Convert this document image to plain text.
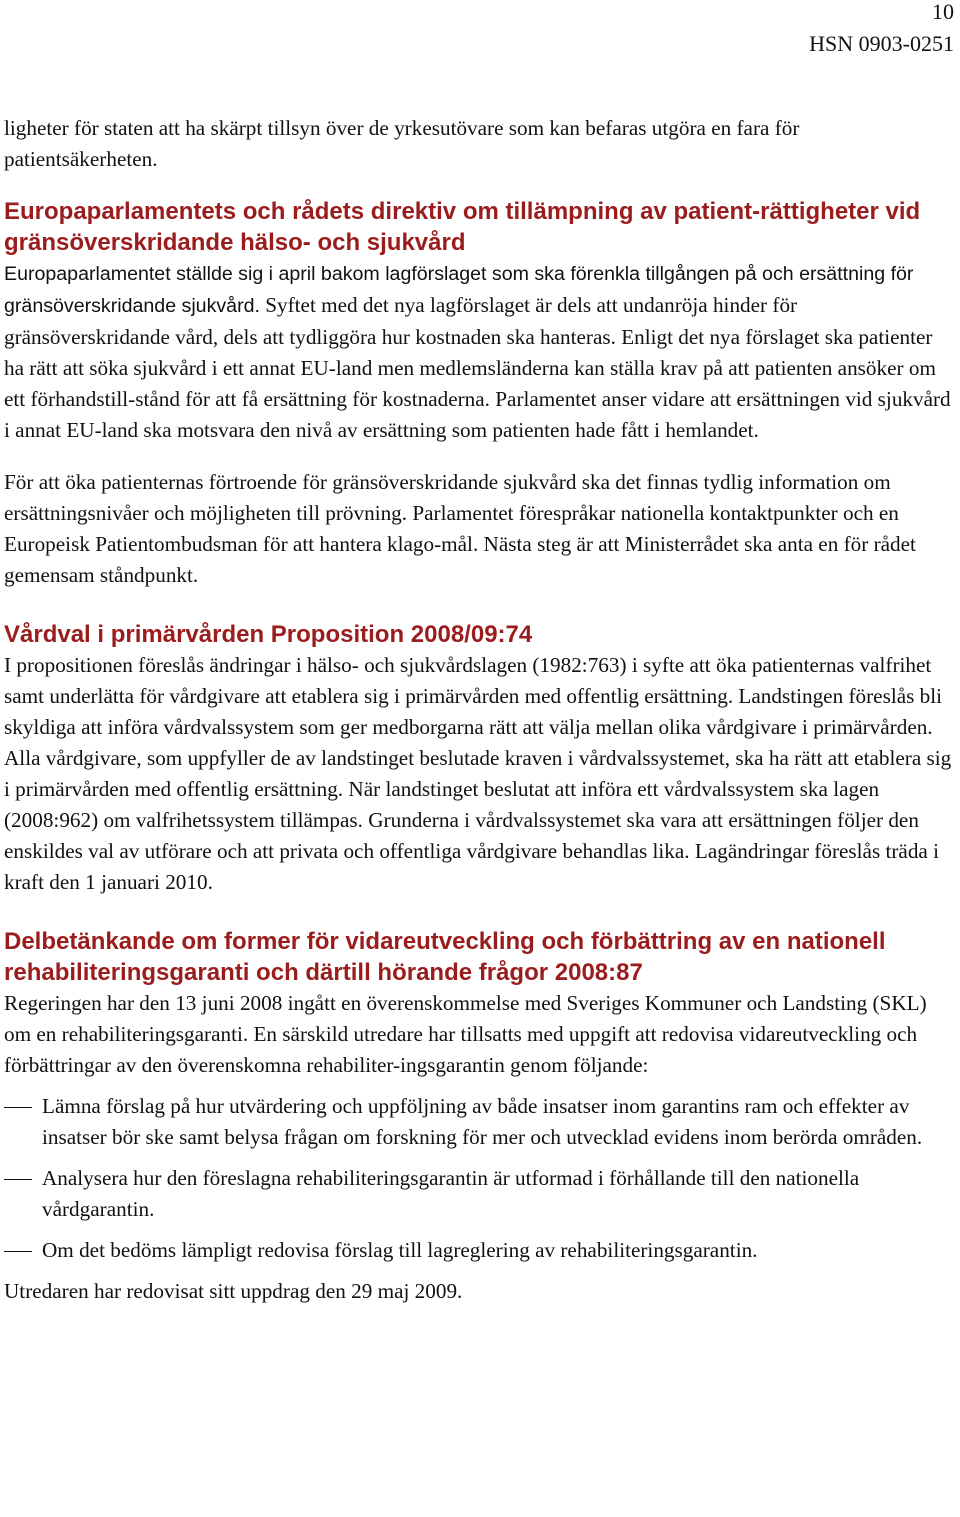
10
HSN 0903-0251

ligheter för staten att ha skärpt tillsyn över de yrkesutövare som kan befaras utgöra en fara för patientsäkerheten.

Europaparlamentets och rådets direktiv om tillämpning av patient-rättigheter vid gränsöverskridande hälso- och sjukvård

Europaparlamentet ställde sig i april bakom lagförslaget som ska förenkla tillgången på och ersättning för gränsöverskridande sjukvård. Syftet med det nya lagförslaget är dels att undanröja hinder för gränsöverskridande vård, dels att tydliggöra hur kostnaden ska hanteras. Enligt det nya förslaget ska patienter ha rätt att söka sjukvård i ett annat EU-land men medlemsländerna kan ställa krav på att patienten ansöker om ett förhandstill-stånd för att få ersättning för kostnaderna. Parlamentet anser vidare att ersättningen vid sjukvård i annat EU-land ska motsvara den nivå av ersättning som patienten hade fått i hemlandet.

För att öka patienternas förtroende för gränsöverskridande sjukvård ska det finnas tydlig information om ersättningsnivåer och möjligheten till prövning. Parlamentet förespråkar nationella kontaktpunkter och en Europeisk Patientombudsman för att hantera klago-mål. Nästa steg är att Ministerrådet ska anta en för rådet gemensam ståndpunkt.

Vårdval i primärvården Proposition 2008/09:74

I propositionen föreslås ändringar i hälso- och sjukvårdslagen (1982:763) i syfte att öka patienternas valfrihet samt underlätta för vårdgivare att etablera sig i primärvården med offentlig ersättning. Landstingen föreslås bli skyldiga att införa vårdvalssystem som ger medborgarna rätt att välja mellan olika vårdgivare i primärvården. Alla vårdgivare, som uppfyller de av landstinget beslutade kraven i vårdvalssystemet, ska ha rätt att etablera sig i primärvården med offentlig ersättning. När landstinget beslutat att införa ett vårdvalssystem ska lagen (2008:962) om valfrihetssystem tillämpas. Grunderna i vårdvalssystemet ska vara att ersättningen följer den enskildes val av utförare och att privata och offentliga vårdgivare behandlas lika. Lagändringar föreslås träda i kraft den 1 januari 2010.

Delbetänkande om former för vidareutveckling och förbättring av en nationell rehabiliteringsgaranti och därtill hörande frågor 2008:87

Regeringen har den 13 juni 2008 ingått en överenskommelse med Sveriges Kommuner och Landsting (SKL) om en rehabiliteringsgaranti. En särskild utredare har tillsatts med uppgift att redovisa vidareutveckling och förbättringar av den överenskomna rehabiliter-ingsgarantin genom följande:

Lämna förslag på hur utvärdering och uppföljning av både insatser inom garantins ram och effekter av insatser bör ske samt belysa frågan om forskning för mer och utvecklad evidens inom berörda områden.

Analysera hur den föreslagna rehabiliteringsgarantin är utformad i förhållande till den nationella vårdgarantin.

Om det bedöms lämpligt redovisa förslag till lagreglering av rehabiliteringsgarantin.

Utredaren har redovisat sitt uppdrag den 29 maj 2009.
